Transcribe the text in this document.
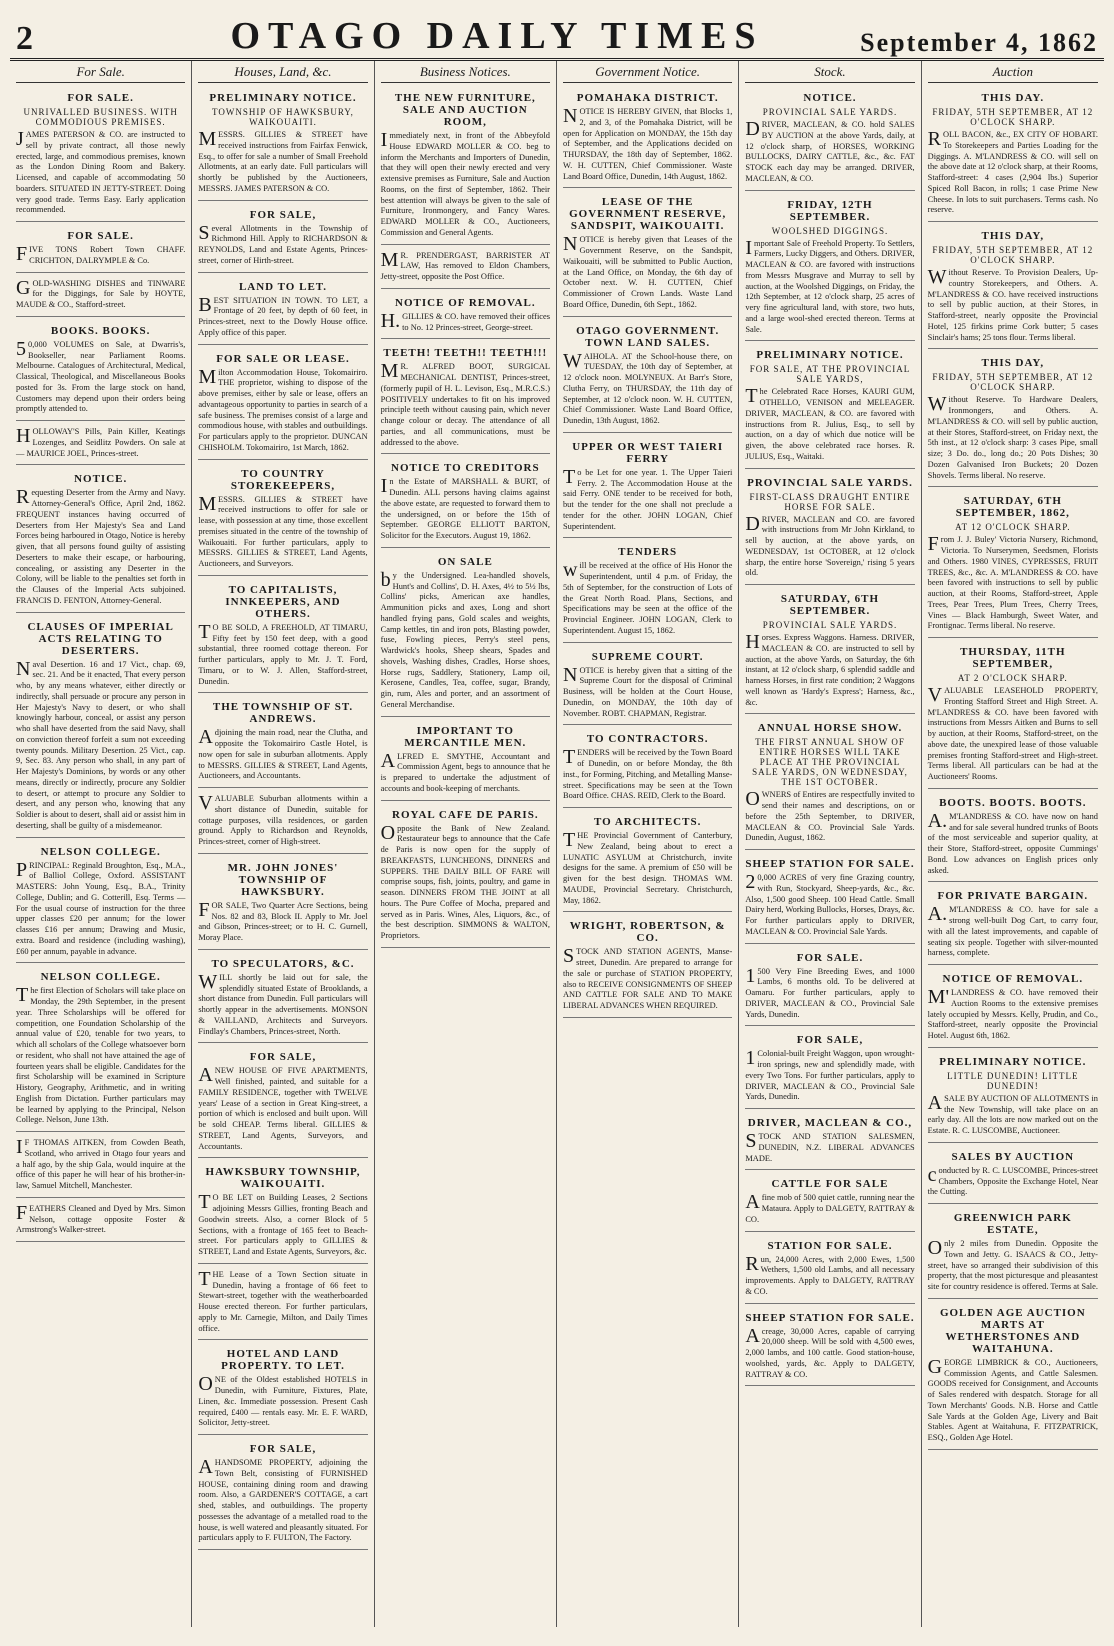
2	OTAGO DAILY TIMES	September 4, 1862
For Sale.
FOR SALE.
UNRIVALLED BUSINESS. WITH COMMODIOUS PREMISES.
JAMES PATERSON & CO. are instructed to sell by private contract, all those newly erected, large, and commodious premises, known as the London Dining Room and Bakery. Licensed, and capable of accommodating 50 boarders. SITUATED IN JETTY-STREET. Doing very good trade. Terms Easy. Early application recommended.
FOR SALE.
FIVE TONS Robert Town CHAFF. CRICHTON, DALRYMPLE & Co.
GOLD-WASHING DISHES and TINWARE for the Diggings, for Sale by HOYTE, MAUDE & CO., Stafford-street.
BOOKS. BOOKS.
50,000 VOLUMES on Sale, at Dwarris's, Bookseller, near Parliament Rooms. Melbourne. Catalogues of Architectural, Medical, Classical, Theological, and Miscellaneous Books posted for 3s. From the large stock on hand, Customers may depend upon their orders being promptly attended to.
HOLLOWAY'S Pills, Pain Killer, Keatings Lozenges, and Seidlitz Powders. On sale at — MAURICE JOEL, Princes-street.
NOTICE.
Requesting Deserter from the Army and Navy. Attorney-General's Office, April 2nd, 1862. FREQUENT instances having occurred of Deserters from Her Majesty's Sea and Land Forces being harboured in Otago, Notice is hereby given, that all persons found guilty of assisting Deserters to make their escape, or harbouring, concealing, or assisting any Deserter in the Colony, will be liable to the penalties set forth in the Clauses of the Imperial Acts subjoined. FRANCIS D. FENTON, Attorney-General.
CLAUSES OF IMPERIAL ACTS RELATING TO DESERTERS.
Naval Desertion. 16 and 17 Vict., chap. 69, sec. 21. And be it enacted, That every person who, by any means whatever, either directly or indirectly, shall persuade or procure any person in Her Majesty's Navy to desert, or who shall knowingly harbour, conceal, or assist any person who shall have deserted from the said Navy, shall on conviction thereof forfeit a sum not exceeding twenty pounds. Military Desertion. 25 Vict., cap. 9, Sec. 83. Any person who shall, in any part of Her Majesty's Dominions, by words or any other means, directly or indirectly, procure any Soldier to desert, or attempt to procure any Soldier to desert, and any person who, knowing that any Soldier is about to desert, shall aid or assist him in deserting, shall be guilty of a misdemeanor.
NELSON COLLEGE.
PRINCIPAL: Reginald Broughton, Esq., M.A., of Balliol College, Oxford. ASSISTANT MASTERS: John Young, Esq., B.A., Trinity College, Dublin; and G. Cotterill, Esq. Terms — For the usual course of instruction for the three upper classes £20 per annum; for the lower classes £16 per annum; Drawing and Music, extra. Board and residence (including washing), £60 per annum, payable in advance.
NELSON COLLEGE.
The first Election of Scholars will take place on Monday, the 29th September, in the present year. Three Scholarships will be offered for competition, one Foundation Scholarship of the annual value of £20, tenable for two years, to which all scholars of the College whatsoever born or resident, who shall not have attained the age of fourteen years shall be eligible. Candidates for the first Scholarship will be examined in Scripture History, Geography, Arithmetic, and in writing English from Dictation. Further particulars may be learned by applying to the Principal, Nelson College. Nelson, June 13th.
IF THOMAS AITKEN, from Cowden Beath, Scotland, who arrived in Otago four years and a half ago, by the ship Gala, would inquire at the office of this paper he will hear of his brother-in-law, Samuel Mitchell, Manchester.
FEATHERS Cleaned and Dyed by Mrs. Simon Nelson, cottage opposite Foster & Armstrong's Walker-street.
Houses, Land, &c.
PRELIMINARY NOTICE.
TOWNSHIP OF HAWKSBURY, WAIKOUAITI.
MESSRS. GILLIES & STREET have received instructions from Fairfax Fenwick, Esq., to offer for sale a number of Small Freehold Allotments, at an early date. Full particulars will shortly be published by the Auctioneers, MESSRS. JAMES PATERSON & CO.
FOR SALE,
Several Allotments in the Township of Richmond Hill. Apply to RICHARDSON & REYNOLDS, Land and Estate Agents, Princes-street, corner of Hirth-street.
LAND TO LET.
BEST SITUATION IN TOWN. TO LET, a Frontage of 20 feet, by depth of 60 feet, in Princes-street, next to the Dowly House office. Apply office of this paper.
FOR SALE OR LEASE.
Milton Accommodation House, Tokomairiro. THE proprietor, wishing to dispose of the above premises, either by sale or lease, offers an advantageous opportunity to parties in search of a safe business. The premises consist of a large and commodious house, with stables and outbuildings. For particulars apply to the proprietor. DUNCAN CHISHOLM. Tokomairiro, 1st March, 1862.
TO COUNTRY STOREKEEPERS,
MESSRS. GILLIES & STREET have received instructions to offer for sale or lease, with possession at any time, those excellent premises situated in the centre of the township of Waikouaiti. For further particulars, apply to MESSRS. GILLIES & STREET, Land Agents, Auctioneers, and Surveyors.
TO CAPITALISTS, INNKEEPERS, AND OTHERS.
TO BE SOLD, A FREEHOLD, AT TIMARU, Fifty feet by 150 feet deep, with a good substantial, three roomed cottage thereon. For further particulars, apply to Mr. J. T. Ford, Timaru, or to W. J. Allen, Stafford-street, Dunedin.
THE TOWNSHIP OF ST. ANDREWS.
Adjoining the main road, near the Clutha, and opposite the Tokomairiro Castle Hotel, is now open for sale in suburban allotments. Apply to MESSRS. GILLIES & STREET, Land Agents, Auctioneers, and Accountants.
VALUABLE Suburban allotments within a short distance of Dunedin, suitable for cottage purposes, villa residences, or garden ground. Apply to Richardson and Reynolds, Princes-street, corner of High-street.
MR. JOHN JONES' TOWNSHIP OF HAWKSBURY.
FOR SALE, Two Quarter Acre Sections, being Nos. 82 and 83, Block II. Apply to Mr. Joel and Gibson, Princes-street; or to H. C. Gurnell, Moray Place.
TO SPECULATORS, &C.
WILL shortly be laid out for sale, the splendidly situated Estate of Brooklands, a short distance from Dunedin. Full particulars will shortly appear in the advertisements. MONSON & VAILLAND, Architects and Surveyors. Findlay's Chambers, Princes-street, North.
FOR SALE,
ANEW HOUSE OF FIVE APARTMENTS, Well finished, painted, and suitable for a FAMILY RESIDENCE, together with TWELVE years' Lease of a section in Great King-street, a portion of which is enclosed and built upon. Will be sold CHEAP. Terms liberal. GILLIES & STREET, Land Agents, Surveyors, and Accountants.
HAWKSBURY TOWNSHIP, WAIKOUAITI.
TO BE LET on Building Leases, 2 Sections adjoining Messrs Gillies, fronting Beach and Goodwin streets. Also, a corner Block of 5 Sections, with a frontage of 165 feet to Beach-street. For particulars apply to GILLIES & STREET, Land and Estate Agents, Surveyors, &c.
THE Lease of a Town Section situate in Dunedin, having a frontage of 66 feet to Stewart-street, together with the weatherboarded House erected thereon. For further particulars, apply to Mr. Carnegie, Milton, and Daily Times office.
HOTEL AND LAND PROPERTY. TO LET.
ONE of the Oldest established HOTELS in Dunedin, with Furniture, Fixtures, Plate, Linen, &c. Immediate possession. Present Cash required, £400 — rentals easy. Mr. E. F. WARD, Solicitor, Jetty-street.
FOR SALE,
AHANDSOME PROPERTY, adjoining the Town Belt, consisting of FURNISHED HOUSE, containing dining room and drawing room. Also, a GARDENER'S COTTAGE, a cart shed, stables, and outbuildings. The property possesses the advantage of a metalled road to the house, is well watered and pleasantly situated. For particulars apply to F. FULTON, The Factory.
Business Notices.
THE NEW FURNITURE, SALE AND AUCTION ROOM,
Immediately next, in front of the Abbeyfold House EDWARD MOLLER & CO. beg to inform the Merchants and Importers of Dunedin, that they will open their newly erected and very extensive premises as Furniture, Sale and Auction Rooms, on the first of September, 1862. Their best attention will always be given to the sale of Furniture, Ironmongery, and Fancy Wares. EDWARD MOLLER & CO., Auctioneers, Commission and General Agents.
MR. PRENDERGAST, BARRISTER AT LAW, Has removed to Eldon Chambers, Jetty-street, opposite the Post Office.
NOTICE OF REMOVAL.
H.GILLIES & CO. have removed their offices to No. 12 Princes-street, George-street.
TEETH! TEETH!! TEETH!!!
MR. ALFRED BOOT, SURGICAL MECHANICAL DENTIST, Princes-street, (formerly pupil of H. L. Levison, Esq., M.R.C.S.) POSITIVELY undertakes to fit on his improved principle teeth without causing pain, which never change colour or decay. The attendance of all parties, and all communications, must be addressed to the above.
NOTICE TO CREDITORS
In the Estate of MARSHALL & BURT, of Dunedin. ALL persons having claims against the above estate, are requested to forward them to the undersigned, on or before the 15th of September. GEORGE ELLIOTT BARTON, Solicitor for the Executors. August 19, 1862.
ON SALE
by the Undersigned. Lea-handled shovels, Hunt's and Collins', D. H. Axes, 4½ to 5½ lbs, Collins' picks, American axe handles, Ammunition picks and axes, Long and short handled frying pans, Gold scales and weights, Camp kettles, tin and iron pots, Blasting powder, fuse, Fowling pieces, Perry's steel pens, Wardwick's hooks, Sheep shears, Spades and shovels, Washing dishes, Cradles, Horse shoes, Horse rugs, Saddlery, Stationery, Lamp oil, Kerosene, Candles, Tea, coffee, sugar, Brandy, gin, rum, Ales and porter, and an assortment of General Merchandise.
IMPORTANT TO MERCANTILE MEN.
ALFRED E. SMYTHE, Accountant and Commission Agent, begs to announce that he is prepared to undertake the adjustment of accounts and book-keeping of merchants.
ROYAL CAFE DE PARIS.
Opposite the Bank of New Zealand. Restaurateur begs to announce that the Cafe de Paris is now open for the supply of BREAKFASTS, LUNCHEONS, DINNERS and SUPPERS. THE DAILY BILL OF FARE will comprise soups, fish, joints, poultry, and game in season. DINNERS FROM THE JOINT at all hours. The Pure Coffee of Mocha, prepared and served as in Paris. Wines, Ales, Liquors, &c., of the best description. SIMMONS & WALTON, Proprietors.
Government Notice.
POMAHAKA DISTRICT.
NOTICE IS HEREBY GIVEN, that Blocks 1, 2, and 3, of the Pomahaka District, will be open for Application on MONDAY, the 15th day of September, and the Applications decided on THURSDAY, the 18th day of September, 1862. W. H. CUTTEN, Chief Commissioner. Waste Land Board Office, Dunedin, 14th August, 1862.
LEASE OF THE GOVERNMENT RESERVE, SANDSPIT, WAIKOUAITI.
NOTICE is hereby given that Leases of the Government Reserve, on the Sandspit, Waikouaiti, will be submitted to Public Auction, at the Land Office, on Monday, the 6th day of October next. W. H. CUTTEN, Chief Commissioner of Crown Lands. Waste Land Board Office, Dunedin, 6th Sept., 1862.
OTAGO GOVERNMENT. TOWN LAND SALES.
WAIHOLA. AT the School-house there, on TUESDAY, the 10th day of September, at 12 o'clock noon. MOLYNEUX. At Barr's Store, Clutha Ferry, on THURSDAY, the 11th day of September, at 12 o'clock noon. W. H. CUTTEN, Chief Commissioner. Waste Land Board Office, Dunedin, 13th August, 1862.
UPPER OR WEST TAIERI FERRY
To be Let for one year. 1. The Upper Taieri Ferry. 2. The Accommodation House at the said Ferry. ONE tender to be received for both, but the tender for the one shall not preclude a tender for the other. JOHN LOGAN, Chief Superintendent.
TENDERS
will be received at the office of His Honor the Superintendent, until 4 p.m. of Friday, the 5th of September, for the construction of Lots of the Great North Road. Plans, Sections, and Specifications may be seen at the office of the Provincial Engineer. JOHN LOGAN, Clerk to Superintendent. August 15, 1862.
SUPREME COURT.
NOTICE is hereby given that a sitting of the Supreme Court for the disposal of Criminal Business, will be holden at the Court House, Dunedin, on MONDAY, the 10th day of November. ROBT. CHAPMAN, Registrar.
TO CONTRACTORS.
TENDERS will be received by the Town Board of Dunedin, on or before Monday, the 8th inst., for Forming, Pitching, and Metalling Manse-street. Specifications may be seen at the Town Board Office. CHAS. REID, Clerk to the Board.
TO ARCHITECTS.
THE Provincial Government of Canterbury, New Zealand, being about to erect a LUNATIC ASYLUM at Christchurch, invite designs for the same. A premium of £50 will be given for the best design. THOMAS WM. MAUDE, Provincial Secretary. Christchurch, May, 1862.
WRIGHT, ROBERTSON, & CO.
STOCK AND STATION AGENTS, Manse-street, Dunedin. Are prepared to arrange for the sale or purchase of STATION PROPERTY, also to RECEIVE CONSIGNMENTS OF SHEEP AND CATTLE FOR SALE AND TO MAKE LIBERAL ADVANCES WHEN REQUIRED.
Stock.
NOTICE.
PROVINCIAL SALE YARDS.
DRIVER, MACLEAN, & CO. hold SALES BY AUCTION at the above Yards, daily, at 12 o'clock sharp, of HORSES, WORKING BULLOCKS, DAIRY CATTLE, &c., &c. FAT STOCK each day may be arranged. DRIVER, MACLEAN, & CO.
FRIDAY, 12TH SEPTEMBER.
WOOLSHED DIGGINGS.
Important Sale of Freehold Property. To Settlers, Farmers, Lucky Diggers, and Others. DRIVER, MACLEAN & CO. are favored with instructions from Messrs Musgrave and Murray to sell by auction, at the Woolshed Diggings, on Friday, the 12th September, at 12 o'clock sharp, 25 acres of very fine agricultural land, with store, two huts, and a large wool-shed erected thereon. Terms at Sale.
PRELIMINARY NOTICE.
FOR SALE, AT THE PROVINCIAL SALE YARDS,
The Celebrated Race Horses, KAURI GUM, OTHELLO, VENISON and MELEAGER. DRIVER, MACLEAN, & CO. are favored with instructions from R. Julius, Esq., to sell by auction, on a day of which due notice will be given, the above celebrated race horses. R. JULIUS, Esq., Waitaki.
PROVINCIAL SALE YARDS.
FIRST-CLASS DRAUGHT ENTIRE HORSE FOR SALE.
DRIVER, MACLEAN and CO. are favored with instructions from Mr John Kirkland, to sell by auction, at the above yards, on WEDNESDAY, 1st OCTOBER, at 12 o'clock sharp, the entire horse 'Sovereign,' rising 5 years old.
SATURDAY, 6TH SEPTEMBER.
PROVINCIAL SALE YARDS.
Horses. Express Waggons. Harness. DRIVER, MACLEAN & CO. are instructed to sell by auction, at the above Yards, on Saturday, the 6th instant, at 12 o'clock sharp, 6 splendid saddle and harness Horses, in first rate condition; 2 Waggons well known as 'Hardy's Express'; Harness, &c., &c.
ANNUAL HORSE SHOW.
THE FIRST ANNUAL SHOW OF ENTIRE HORSES WILL TAKE PLACE AT THE PROVINCIAL SALE YARDS, ON WEDNESDAY, THE 1ST OCTOBER.
OWNERS of Entires are respectfully invited to send their names and descriptions, on or before the 25th September, to DRIVER, MACLEAN & CO. Provincial Sale Yards. Dunedin, August, 1862.
SHEEP STATION FOR SALE.
20,000 ACRES of very fine Grazing country, with Run, Stockyard, Sheep-yards, &c., &c. Also, 1,500 good Sheep. 100 Head Cattle. Small Dairy herd, Working Bullocks, Horses, Drays, &c. For further particulars apply to DRIVER, MACLEAN & CO. Provincial Sale Yards.
FOR SALE.
1500 Very Fine Breeding Ewes, and 1000 Lambs, 6 months old. To be delivered at Oamaru. For further particulars, apply to DRIVER, MACLEAN & CO., Provincial Sale Yards, Dunedin.
FOR SALE,
1Colonial-built Freight Waggon, upon wrought-iron springs, new and splendidly made, with every Two Tons. For further particulars, apply to DRIVER, MACLEAN & CO., Provincial Sale Yards, Dunedin.
DRIVER, MACLEAN & CO.,
STOCK AND STATION SALESMEN, DUNEDIN, N.Z. LIBERAL ADVANCES MADE.
CATTLE FOR SALE
Afine mob of 500 quiet cattle, running near the Mataura. Apply to DALGETY, RATTRAY & CO.
STATION FOR SALE.
Run, 24,000 Acres, with 2,000 Ewes, 1,500 Wethers, 1,500 old Lambs, and all necessary improvements. Apply to DALGETY, RATTRAY & CO.
SHEEP STATION FOR SALE.
Acreage, 30,000 Acres, capable of carrying 20,000 sheep. Will be sold with 4,500 ewes, 2,000 lambs, and 100 cattle. Good station-house, woolshed, yards, &c. Apply to DALGETY, RATTRAY & CO.
Auction
THIS DAY.
FRIDAY, 5TH SEPTEMBER, AT 12 O'CLOCK SHARP.
ROLL BACON, &c., EX CITY OF HOBART. To Storekeepers and Parties Loading for the Diggings. A. M'LANDRESS & CO. will sell on the above date at 12 o'clock sharp, at their Rooms, Stafford-street: 4 cases (2,904 lbs.) Superior Spiced Roll Bacon, in rolls; 1 case Prime New Cheese. In lots to suit purchasers. Terms cash. No reserve.
THIS DAY,
FRIDAY, 5TH SEPTEMBER, AT 12 O'CLOCK SHARP.
Without Reserve. To Provision Dealers, Up-country Storekeepers, and Others. A. M'LANDRESS & CO. have received instructions to sell by public auction, at their Stores, in Stafford-street, nearly opposite the Provincial Hotel, 125 firkins prime Cork butter; 5 cases Sinclair's hams; 25 tons flour. Terms liberal.
THIS DAY,
FRIDAY, 5TH SEPTEMBER, AT 12 O'CLOCK SHARP.
Without Reserve. To Hardware Dealers, Ironmongers, and Others. A. M'LANDRESS & CO. will sell by public auction, at their Stores, Stafford-street, on Friday next, the 5th inst., at 12 o'clock sharp: 3 cases Pipe, small size; 3 Do. do., long do.; 20 Pots Dishes; 30 Dozen Galvanised Iron Buckets; 20 Dozen Shovels. Terms liberal. No reserve.
SATURDAY, 6TH SEPTEMBER, 1862,
AT 12 O'CLOCK SHARP.
From J. J. Buley' Victoria Nursery, Richmond, Victoria. To Nurserymen, Seedsmen, Florists and Others. 1980 VINES, CYPRESSES, FRUIT TREES, &c., &c. A. M'LANDRESS & CO. have been favored with instructions to sell by public auction, at their Rooms, Stafford-street, Apple Trees, Pear Trees, Plum Trees, Cherry Trees, Vines — Black Hamburgh, Sweet Water, and Frontignac. Terms liberal. No reserve.
THURSDAY, 11TH SEPTEMBER,
AT 2 O'CLOCK SHARP.
VALUABLE LEASEHOLD PROPERTY, Fronting Stafford Street and High Street. A. M'LANDRESS & CO. have been favored with instructions from Messrs Aitken and Burns to sell by auction, at their Rooms, Stafford-street, on the above date, the unexpired lease of those valuable premises fronting Stafford-street and High-street. Terms liberal. All particulars can be had at the Auctioneers' Rooms.
BOOTS. BOOTS. BOOTS.
A.M'LANDRESS & CO. have now on hand and for sale several hundred trunks of Boots of the most serviceable and superior quality, at their Store, Stafford-street, opposite Cummings' Bond. Low advances on English prices only asked.
FOR PRIVATE BARGAIN.
A.M'LANDRESS & CO. have for sale a strong well-built Dog Cart, to carry four, with all the latest improvements, and capable of seating six people. Together with silver-mounted harness, complete.
NOTICE OF REMOVAL.
M'LANDRESS & CO. have removed their Auction Rooms to the extensive premises lately occupied by Messrs. Kelly, Prudin, and Co., Stafford-street, nearly opposite the Provincial Hotel. August 6th, 1862.
PRELIMINARY NOTICE.
LITTLE DUNEDIN! LITTLE DUNEDIN!
ASALE BY AUCTION OF ALLOTMENTS in the New Township, will take place on an early day. All the lots are now marked out on the Estate. R. C. LUSCOMBE, Auctioneer.
SALES BY AUCTION
conducted by R. C. LUSCOMBE, Princes-street Chambers, Opposite the Exchange Hotel, Near the Cutting.
GREENWICH PARK ESTATE,
Only 2 miles from Dunedin. Opposite the Town and Jetty. G. ISAACS & CO., Jetty-street, have so arranged their subdivision of this property, that the most picturesque and pleasantest site for country residence is offered. Terms at Sale.
GOLDEN AGE AUCTION MARTS AT WETHERSTONES AND WAITAHUNA.
GEORGE LIMBRICK & CO., Auctioneers, Commission Agents, and Cattle Salesmen. GOODS received for Consignment, and Accounts of Sales rendered with despatch. Storage for all Town Merchants' Goods. N.B. Horse and Cattle Sale Yards at the Golden Age, Livery and Bait Stables. Agent at Waitahuna, F. FITZPATRICK, ESQ., Golden Age Hotel.
